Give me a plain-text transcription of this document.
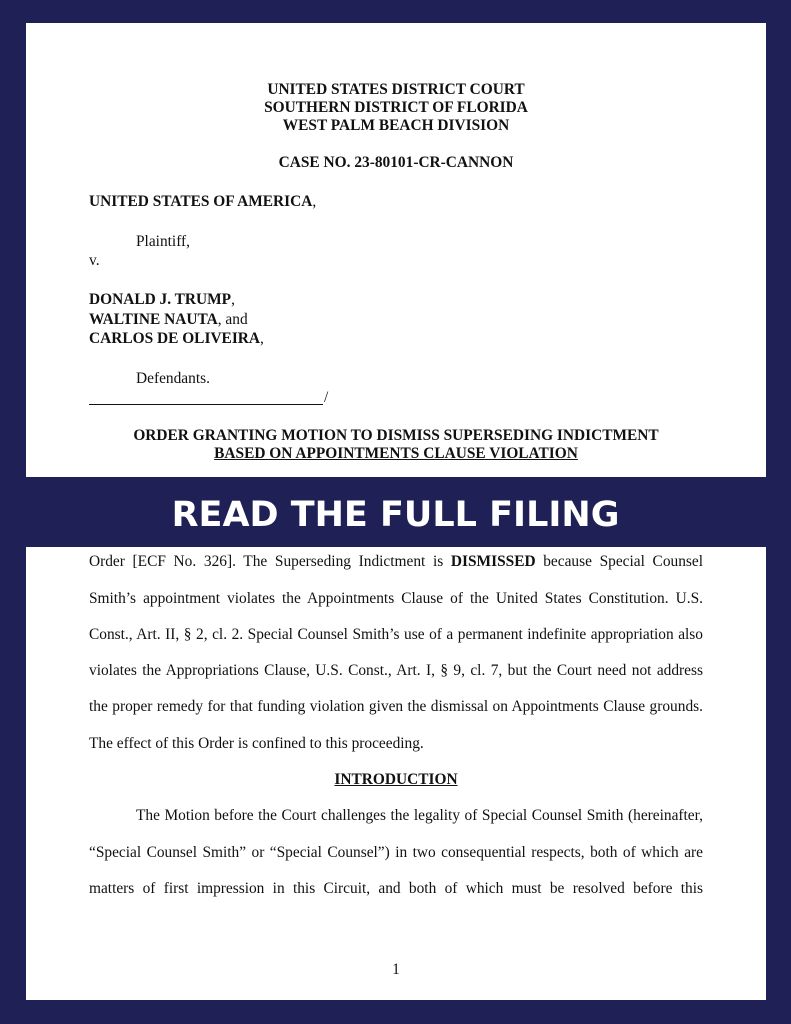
UNITED STATES DISTRICT COURT
SOUTHERN DISTRICT OF FLORIDA
WEST PALM BEACH DIVISION
CASE NO. 23-80101-CR-CANNON
UNITED STATES OF AMERICA,
Plaintiff,
v.
DONALD J. TRUMP,
WALTINE NAUTA, and
CARLOS DE OLIVEIRA,
Defendants.
/
ORDER GRANTING MOTION TO DISMISS SUPERSEDING INDICTMENT
BASED ON APPOINTMENTS CLAUSE VIOLATION
READ THE FULL FILING
Order [ECF No. 326]. The Superseding Indictment is DISMISSED because Special Counsel
Smith’s appointment violates the Appointments Clause of the United States Constitution. U.S.
Const., Art. II, § 2, cl. 2. Special Counsel Smith’s use of a permanent indefinite appropriation also
violates the Appropriations Clause, U.S. Const., Art. I, § 9, cl. 7, but the Court need not address
the proper remedy for that funding violation given the dismissal on Appointments Clause grounds.
The effect of this Order is confined to this proceeding.
INTRODUCTION
The Motion before the Court challenges the legality of Special Counsel Smith (hereinafter,
“Special Counsel Smith” or “Special Counsel”) in two consequential respects, both of which are
matters of first impression in this Circuit, and both of which must be resolved before this
1
